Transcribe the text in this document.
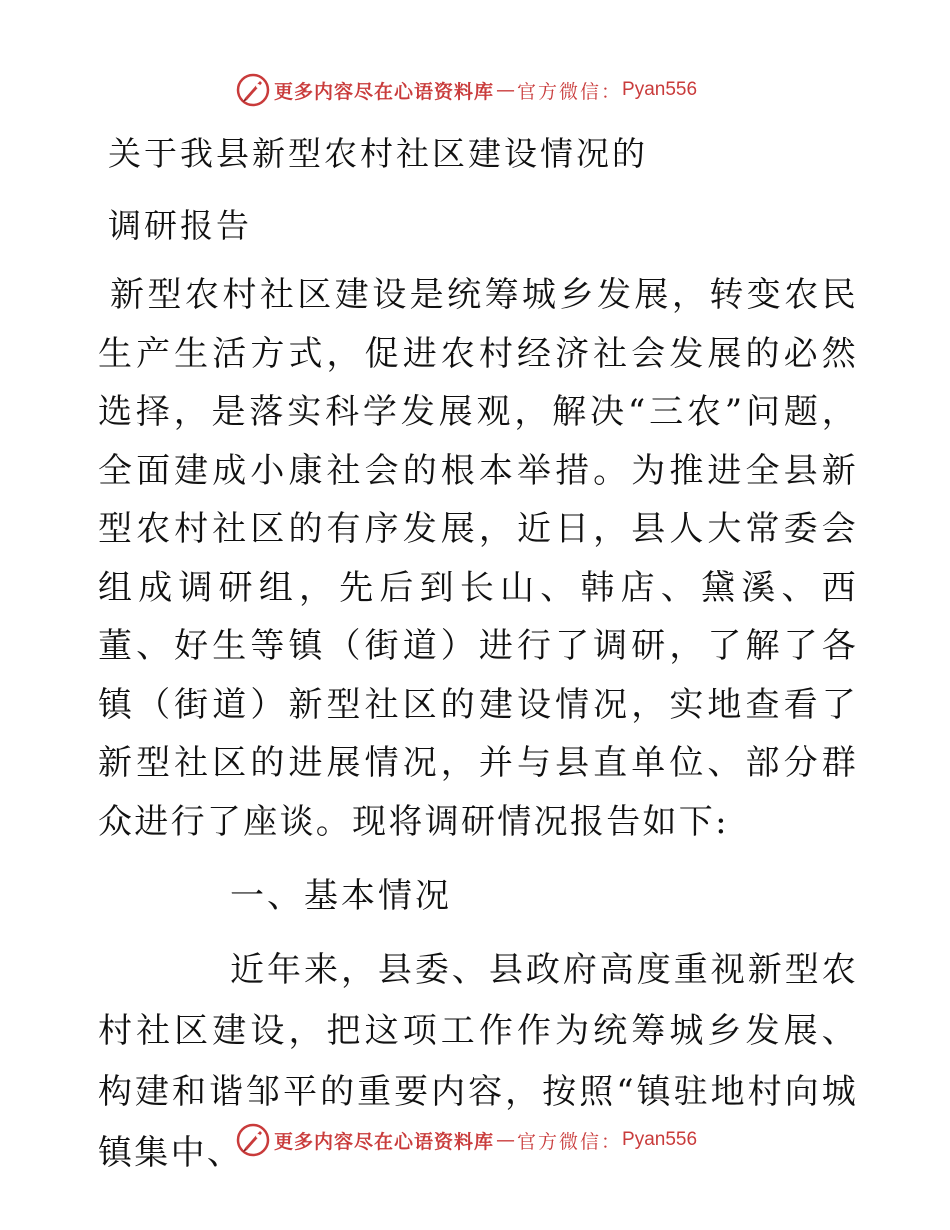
更多内容尽在心语资料库 — 官方微信： Pyan556
关于我县新型农村社区建设情况的
调研报告

新型农村社区建设是统筹城乡发展，转变农民生产生活方式，促进农村经济社会发展的必然选择，是落实科学发展观，解决“三农”问题，全面建成小康社会的根本举措。为推进全县新型农村社区的有序发展，近日，县人大常委会组成调研组，先后到长山、韩店、黛溪、西董、好生等镇（街道）进行了调研，了解了各镇（街道）新型社区的建设情况，实地查看了新型社区的进展情况，并与县直单位、部分群众进行了座谈。现将调研情况报告如下:

一、基本情况

近年来，县委、县政府高度重视新型农村社区建设，把这项工作作为统筹城乡发展、构建和谐邹平的重要内容，按照“镇驻地村向城镇集中、	更多内容尽在心语资料库 — 官方微信： Pyan556
